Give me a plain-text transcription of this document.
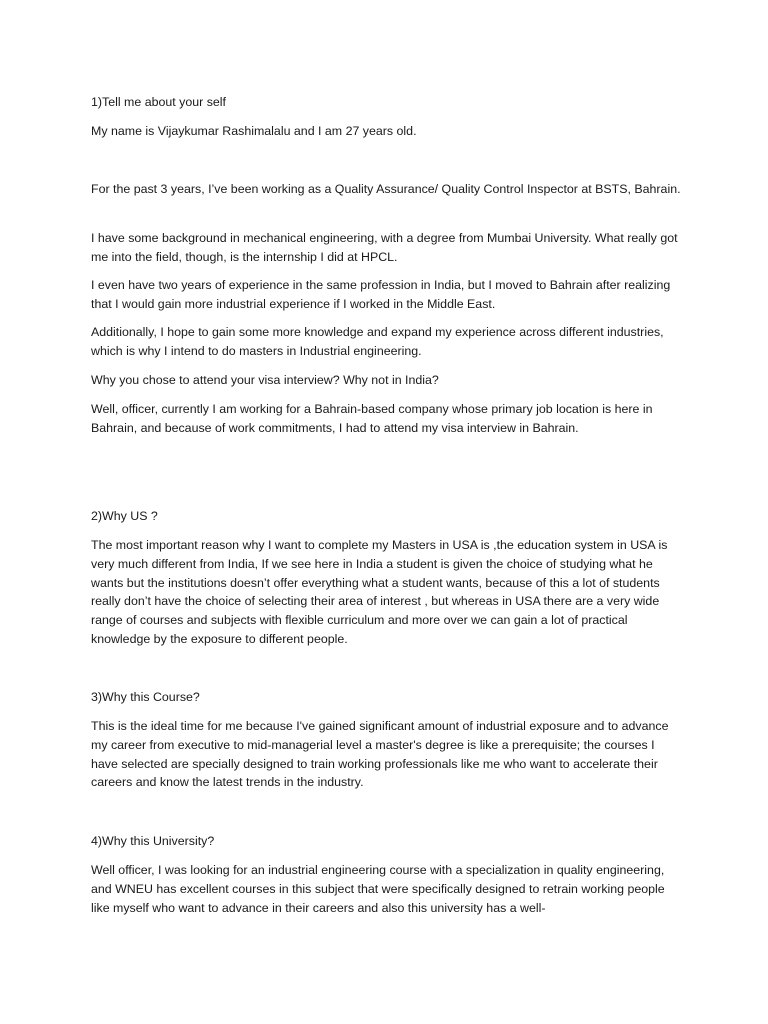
1)Tell me about your self

My name is Vijaykumar Rashimalalu and I am 27 years old.

For the past 3 years, I’ve been working as a Quality Assurance/ Quality Control Inspector at BSTS, Bahrain.

I have some background in mechanical engineering, with a degree from Mumbai University. What really got me into the field, though, is the internship I did at HPCL.

I even have two years of experience in the same profession in India, but I moved to Bahrain after realizing that I would gain more industrial experience if I worked in the Middle East.

Additionally, I hope to gain some more knowledge and expand my experience across different industries, which is why I intend to do masters in Industrial engineering.

Why you chose to attend your visa interview? Why not in India?

Well, officer, currently I am working for a Bahrain-based company whose primary job location is here in Bahrain, and because of work commitments, I had to attend my visa interview in Bahrain.

2)Why US ?

The most important reason why I want to complete my Masters in USA is ,the education system in USA is very much different from India, If we see here in India a student is given the choice of studying what he wants but the institutions doesn’t offer everything what a student wants, because of this a lot of students really don’t have the choice of selecting their area of interest , but whereas in USA there are a very wide range of courses and subjects with flexible curriculum and more over we can gain a lot of practical knowledge by the exposure to different people.

3)Why this Course?

This is the ideal time for me because I've gained significant amount of industrial exposure and to advance my career from executive to mid-managerial level a master's degree is like a prerequisite; the courses I have selected are specially designed to train working professionals like me who want to accelerate their careers and know the latest trends in the industry.

4)Why this University?

Well officer, I was looking for an industrial engineering course with a specialization in quality engineering, and WNEU has excellent courses in this subject that were specifically designed to retrain working people like myself who want to advance in their careers and also this university has a well-
